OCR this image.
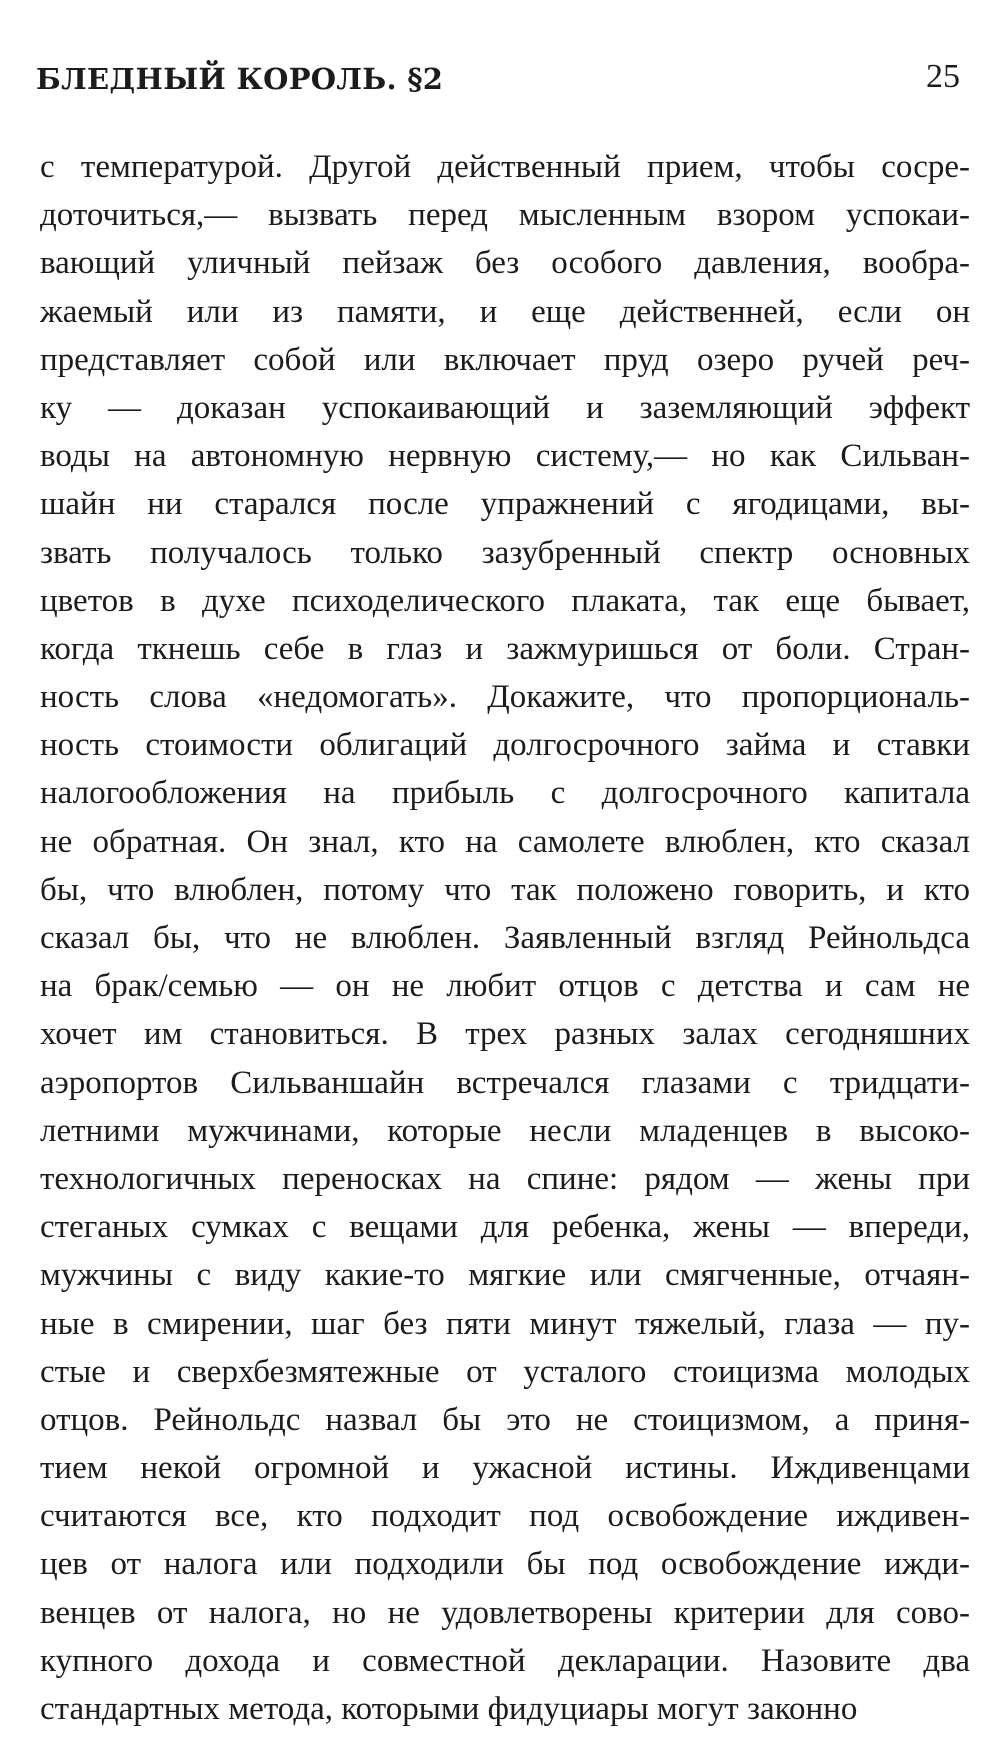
БЛЕДНЫЙ КОРОЛЬ. §2	25
с температурой. Другой действенный прием, чтобы сосре-
доточиться,— вызвать перед мысленным взором успокаи-
вающий уличный пейзаж без особого давления, вообра-
жаемый или из памяти, и еще действенней, если он
представляет собой или включает пруд озеро ручей реч-
ку — доказан успокаивающий и заземляющий эффект
воды на автономную нервную систему,— но как Сильван-
шайн ни старался после упражнений с ягодицами, вы-
звать получалось только зазубренный спектр основных
цветов в духе психоделического плаката, так еще бывает,
когда ткнешь себе в глаз и зажмуришься от боли. Стран-
ность слова «недомогать». Докажите, что пропорциональ-
ность стоимости облигаций долгосрочного займа и ставки
налогообложения на прибыль с долгосрочного капитала
не обратная. Он знал, кто на самолете влюблен, кто сказал
бы, что влюблен, потому что так положено говорить, и кто
сказал бы, что не влюблен. Заявленный взгляд Рейнольдса
на брак/семью — он не любит отцов с детства и сам не
хочет им становиться. В трех разных залах сегодняшних
аэропортов Сильваншайн встречался глазами с тридцати-
летними мужчинами, которые несли младенцев в высоко-
технологичных переносках на спине: рядом — жены при
стеганых сумках с вещами для ребенка, жены — впереди,
мужчины с виду какие-то мягкие или смягченные, отчаян-
ные в смирении, шаг без пяти минут тяжелый, глаза — пу-
стые и сверхбезмятежные от усталого стоицизма молодых
отцов. Рейнольдс назвал бы это не стоицизмом, а приня-
тием некой огромной и ужасной истины. Иждивенцами
считаются все, кто подходит под освобождение иждивен-
цев от налога или подходили бы под освобождение ижди-
венцев от налога, но не удовлетворены критерии для сово-
купного дохода и совместной декларации. Назовите два
стандартных метода, которыми фидуциары могут законно
